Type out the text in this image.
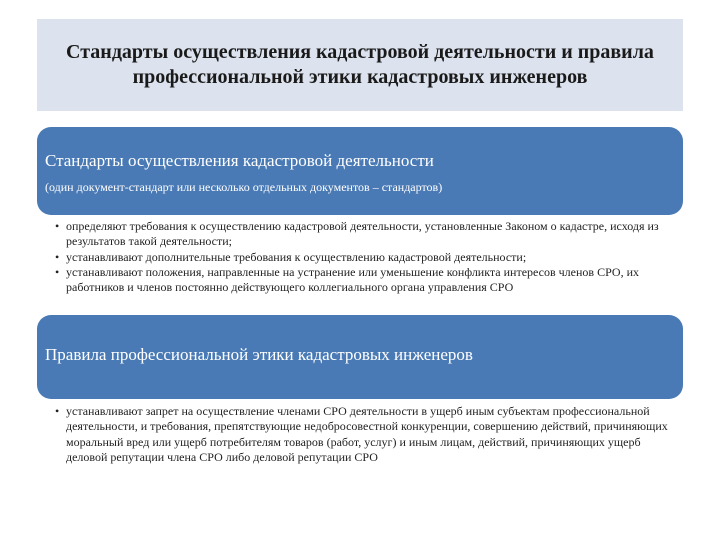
Стандарты осуществления кадастровой деятельности и правила профессиональной этики кадастровых инженеров
Стандарты осуществления кадастровой деятельности
(один документ-стандарт или несколько отдельных документов – стандартов)
• определяют требования к осуществлению кадастровой деятельности, установленные Законом о кадастре, исходя из результатов такой деятельности;
• устанавливают дополнительные требования к осуществлению кадастровой деятельности;
• устанавливают положения, направленные на устранение или уменьшение конфликта интересов членов СРО, их работников и членов постоянно действующего коллегиального органа управления СРО
Правила профессиональной этики кадастровых инженеров
• устанавливают запрет на осуществление членами СРО деятельности в ущерб иным субъектам профессиональной деятельности, и требования, препятствующие недобросовестной конкуренции, совершению действий, причиняющих моральный вред или ущерб потребителям товаров (работ, услуг) и иным лицам, действий, причиняющих ущерб деловой репутации члена СРО либо деловой репутации СРО
